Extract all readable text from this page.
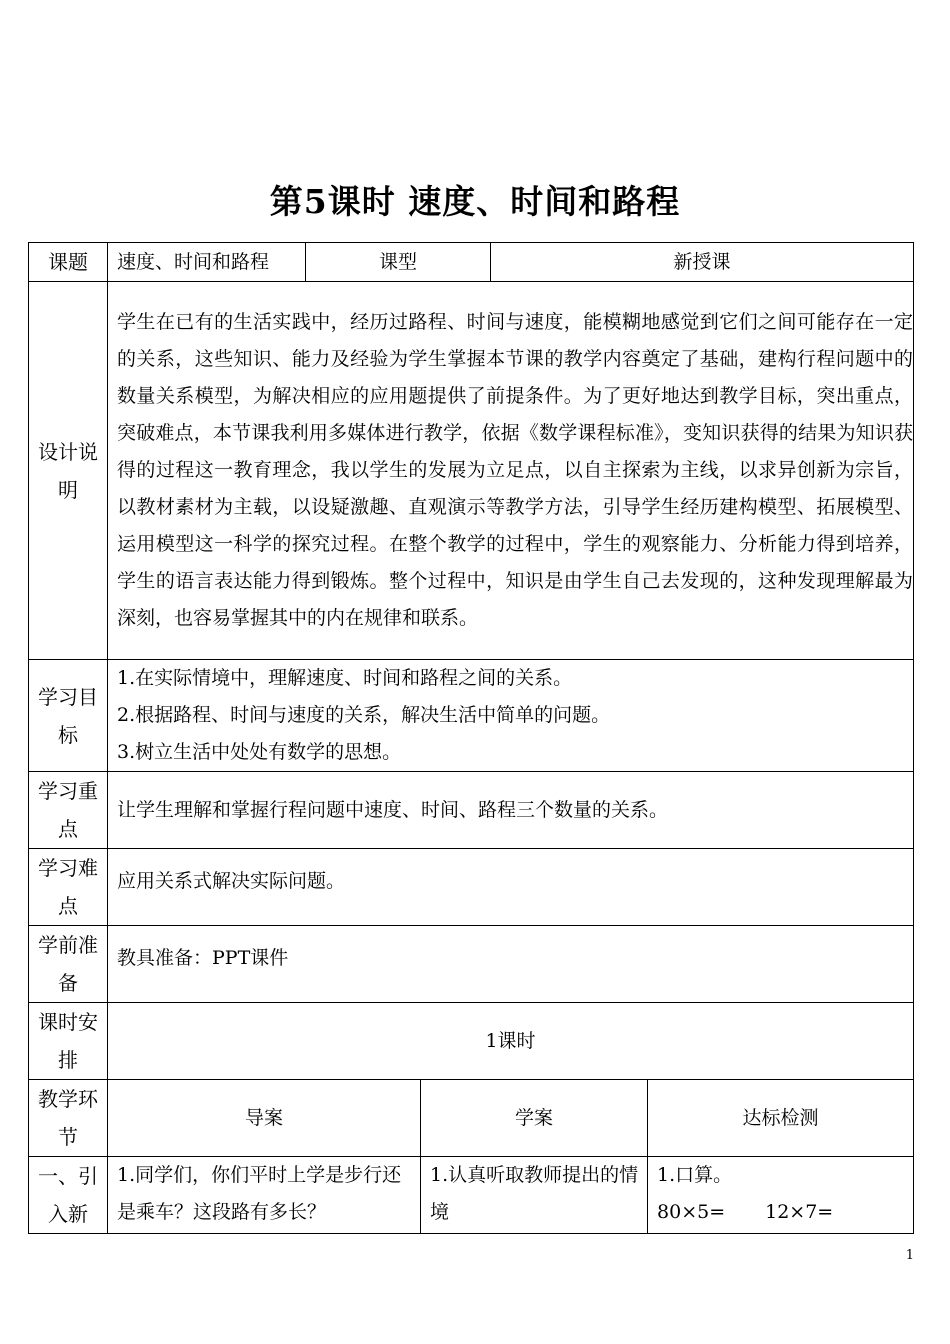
第5课时 速度、时间和路程
课题	速度、时间和路程	课型		新授课	
设计说明	学生在已有的生活实践中，经历过路程、时间与速度，能模糊地感觉到它们之间可能存在一定的关系，这些知识、能力及经验为学生掌握本节课的教学内容奠定了基础，建构行程问题中的数量关系模型，为解决相应的应用题提供了前提条件。为了更好地达到教学目标，突出重点，突破难点，本节课我利用多媒体进行教学，依据《数学课程标准》，变知识获得的结果为知识获得的过程这一教育理念，我以学生的发展为立足点，以自主探索为主线，以求异创新为宗旨，以教材素材为主载，以设疑激趣、直观演示等教学方法，引导学生经历建构模型、拓展模型、运用模型这一科学的探究过程。在整个教学的过程中，学生的观察能力、分析能力得到培养，学生的语言表达能力得到锻炼。整个过程中，知识是由学生自己去发现的，这种发现理解最为深刻，也容易掌握其中的内在规律和联系。				
学习目标	1.在实际情境中，理解速度、时间和路程之间的关系。
2.根据路程、时间与速度的关系，解决生活中简单的问题。
3.树立生活中处处有数学的思想。				

学习重点	让学生理解和掌握行程问题中速度、时间、路程三个数量的关系。				
学习难点	应用关系式解决实际问题。				
学前准备	教具准备：PPT课件				
课时安排	1课时				
教学环节	导案		学案		达标检测
一、引入新	1.同学们，你们平时上学是步行还是乘车？这段路有多长？		1.认真听取教师提出的情境		1.口算。
80×5= 12×7=
1
